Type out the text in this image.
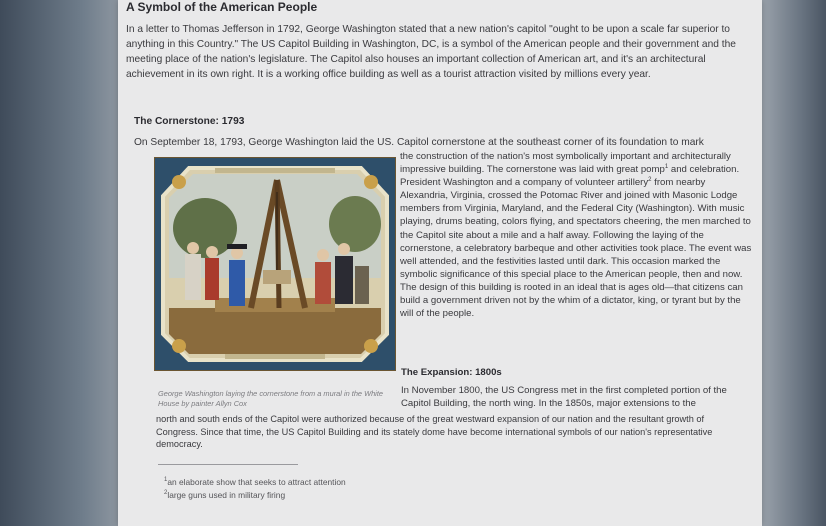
A Symbol of the American People

In a letter to Thomas Jefferson in 1792, George Washington stated that a new nation's capitol "ought to be upon a scale far superior to anything in this Country." The US Capitol Building in Washington, DC, is a symbol of the American people and their government and the meeting place of the nation's legislature. The Capitol also houses an important collection of American art, and it's an architectural achievement in its own right. It is a working office building as well as a tourist attraction visited by millions every year.

The Cornerstone: 1793

On September 18, 1793, George Washington laid the US. Capitol cornerstone at the southeast corner of its foundation to mark

George Washington laying the cornerstone from a mural in the White House by painter Allyn Cox

the construction of the nation's most symbolically important and architecturally impressive building. The cornerstone was laid with great pomp$^1$ and celebration. President Washington and a company of volunteer artillery$^2$ from nearby Alexandria, Virginia, crossed the Potomac River and joined with Masonic Lodge members from Virginia, Maryland, and the Federal City (Washington). With music playing, drums beating, colors flying, and spectators cheering, the men marched to the Capitol site about a mile and a half away. Following the laying of the cornerstone, a celebratory barbeque and other activities took place. The event was well attended, and the festivities lasted until dark. This occasion marked the symbolic significance of this special place to the American people, then and now. The design of this building is rooted in an ideal that is ages old—that citizens can build a government driven not by the whim of a dictator, king, or tyrant but by the will of the people.

The Expansion: 1800s

In November 1800, the US Congress met in the first completed portion of the Capitol Building, the north wing. In the 1850s, major extensions to the

north and south ends of the Capitol were authorized because of the great westward expansion of our nation and the resultant growth of Congress. Since that time, the US Capitol Building and its stately dome have become international symbols of our nation's representative democracy.

$^1$an elaborate show that seeks to attract attention

$^2$large guns used in military firing
